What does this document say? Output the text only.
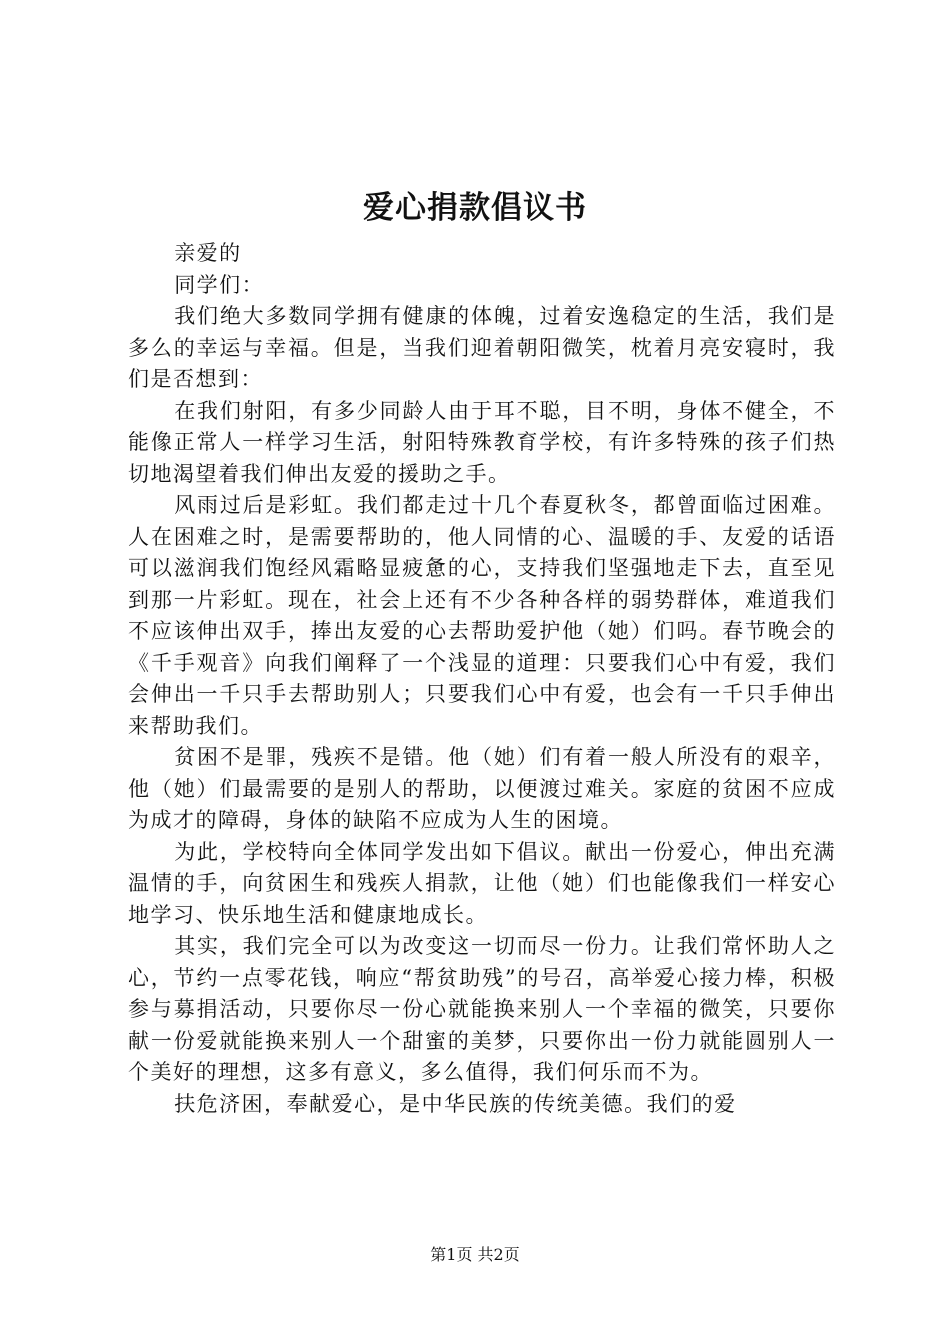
爱心捐款倡议书

亲爱的

同学们：

我们绝大多数同学拥有健康的体魄，过着安逸稳定的生活，我们是多么的幸运与幸福。但是，当我们迎着朝阳微笑，枕着月亮安寝时，我们是否想到：

在我们射阳，有多少同龄人由于耳不聪，目不明，身体不健全，不能像正常人一样学习生活，射阳特殊教育学校，有许多特殊的孩子们热切地渴望着我们伸出友爱的援助之手。

风雨过后是彩虹。我们都走过十几个春夏秋冬，都曾面临过困难。人在困难之时，是需要帮助的，他人同情的心、温暖的手、友爱的话语可以滋润我们饱经风霜略显疲惫的心，支持我们坚强地走下去，直至见到那一片彩虹。现在，社会上还有不少各种各样的弱势群体，难道我们不应该伸出双手，捧出友爱的心去帮助爱护他（她）们吗。春节晚会的《千手观音》向我们阐释了一个浅显的道理：只要我们心中有爱，我们会伸出一千只手去帮助别人；只要我们心中有爱，也会有一千只手伸出来帮助我们。

贫困不是罪，残疾不是错。他（她）们有着一般人所没有的艰辛，他（她）们最需要的是别人的帮助，以便渡过难关。家庭的贫困不应成为成才的障碍，身体的缺陷不应成为人生的困境。

为此，学校特向全体同学发出如下倡议。献出一份爱心，伸出充满温情的手，向贫困生和残疾人捐款，让他（她）们也能像我们一样安心地学习、快乐地生活和健康地成长。

其实，我们完全可以为改变这一切而尽一份力。让我们常怀助人之心，节约一点零花钱，响应“帮贫助残”的号召，高举爱心接力棒，积极参与募捐活动，只要你尽一份心就能换来别人一个幸福的微笑，只要你献一份爱就能换来别人一个甜蜜的美梦，只要你出一份力就能圆别人一个美好的理想，这多有意义，多么值得，我们何乐而不为。

扶危济困，奉献爱心，是中华民族的传统美德。我们的爱

第1页 共2页
